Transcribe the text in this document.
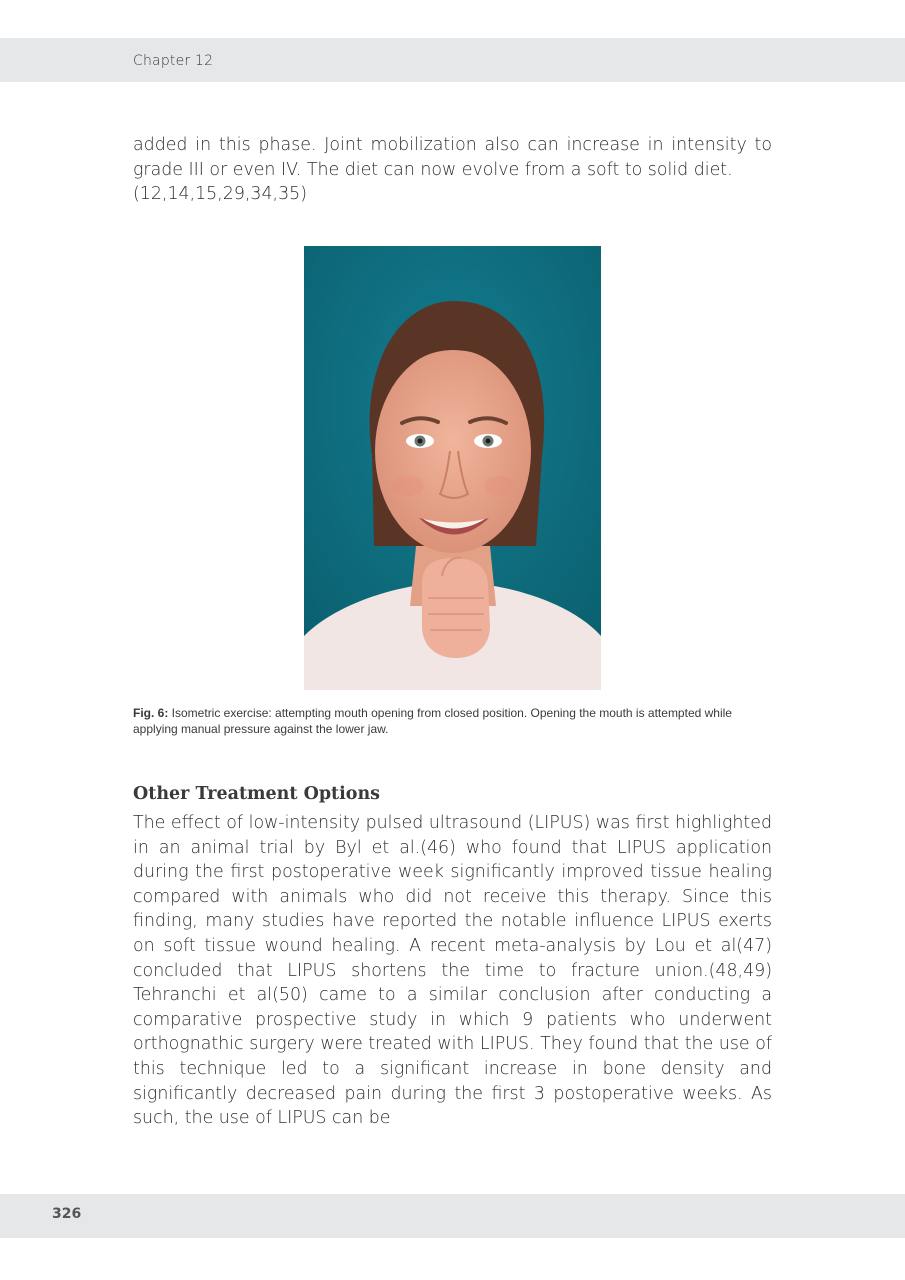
Chapter 12

added in this phase. Joint mobilization also can increase in intensity to grade III or even IV. The diet can now evolve from a soft to solid diet.
(12,14,15,29,34,35)

Fig. 6: Isometric exercise: attempting mouth opening from closed position. Opening the mouth is attempted while applying manual pressure against the lower jaw.

Other Treatment Options

The effect of low-intensity pulsed ultrasound (LIPUS) was first highlighted in an animal trial by Byl et al.(46) who found that LIPUS application during the first postoperative week significantly improved tissue healing compared with animals who did not receive this therapy. Since this finding, many studies have reported the notable influence LIPUS exerts on soft tissue wound healing. A recent meta-analysis by Lou et al(47) concluded that LIPUS shortens the time to fracture union.(48,49) Tehranchi et al(50) came to a similar conclusion after conducting a comparative prospective study in which 9 patients who underwent orthognathic surgery were treated with LIPUS. They found that the use of this technique led to a significant increase in bone density and significantly decreased pain during the first 3 postoperative weeks. As such, the use of LIPUS can be

326
